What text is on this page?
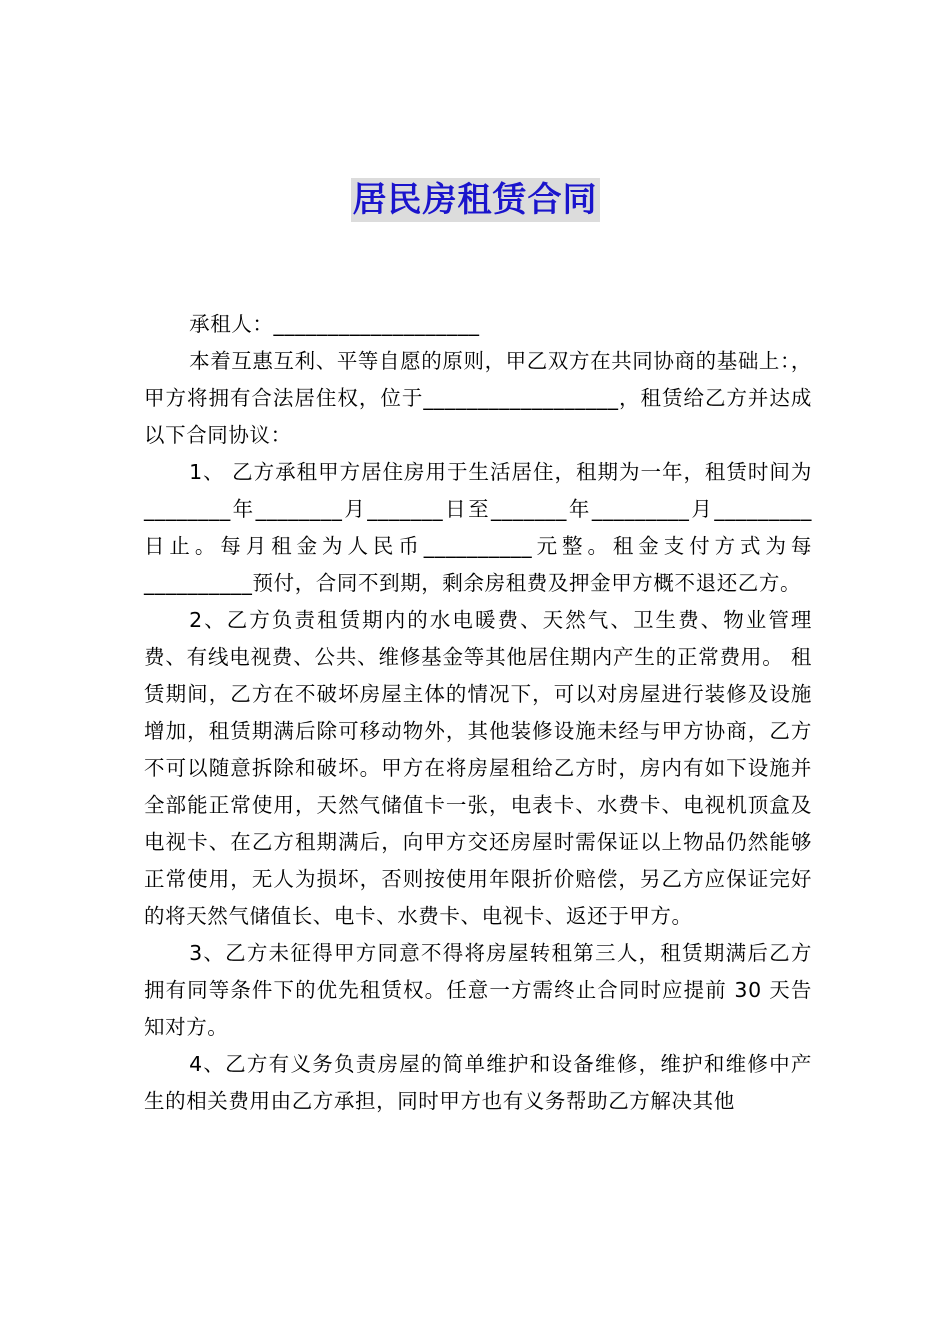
居民房租赁合同

承租人：___________________

本着互惠互利、平等自愿的原则，甲乙双方在共同协商的基础上：，甲方将拥有合法居住权，位于__________________，租赁给乙方并达成以下合同协议：

1、 乙方承租甲方居住房用于生活居住，租期为一年，租赁时间为________年________月_______日至_______年_________月_________日止。每月租金为人民币__________元整。租金支付方式为每__________预付，合同不到期，剩余房租费及押金甲方概不退还乙方。

2、乙方负责租赁期内的水电暖费、天然气、卫生费、物业管理费、有线电视费、公共、维修基金等其他居住期内产生的正常费用。 租赁期间，乙方在不破坏房屋主体的情况下，可以对房屋进行装修及设施增加，租赁期满后除可移动物外，其他装修设施未经与甲方协商，乙方不可以随意拆除和破坏。甲方在将房屋租给乙方时，房内有如下设施并全部能正常使用，天然气储值卡一张，电表卡、水费卡、电视机顶盒及电视卡、在乙方租期满后，向甲方交还房屋时需保证以上物品仍然能够正常使用，无人为损坏，否则按使用年限折价赔偿，另乙方应保证完好的将天然气储值长、电卡、水费卡、电视卡、返还于甲方。

3、乙方未征得甲方同意不得将房屋转租第三人，租赁期满后乙方拥有同等条件下的优先租赁权。任意一方需终止合同时应提前 30 天告知对方。

4、乙方有义务负责房屋的简单维护和设备维修，维护和维修中产生的相关费用由乙方承担，同时甲方也有义务帮助乙方解决其他
